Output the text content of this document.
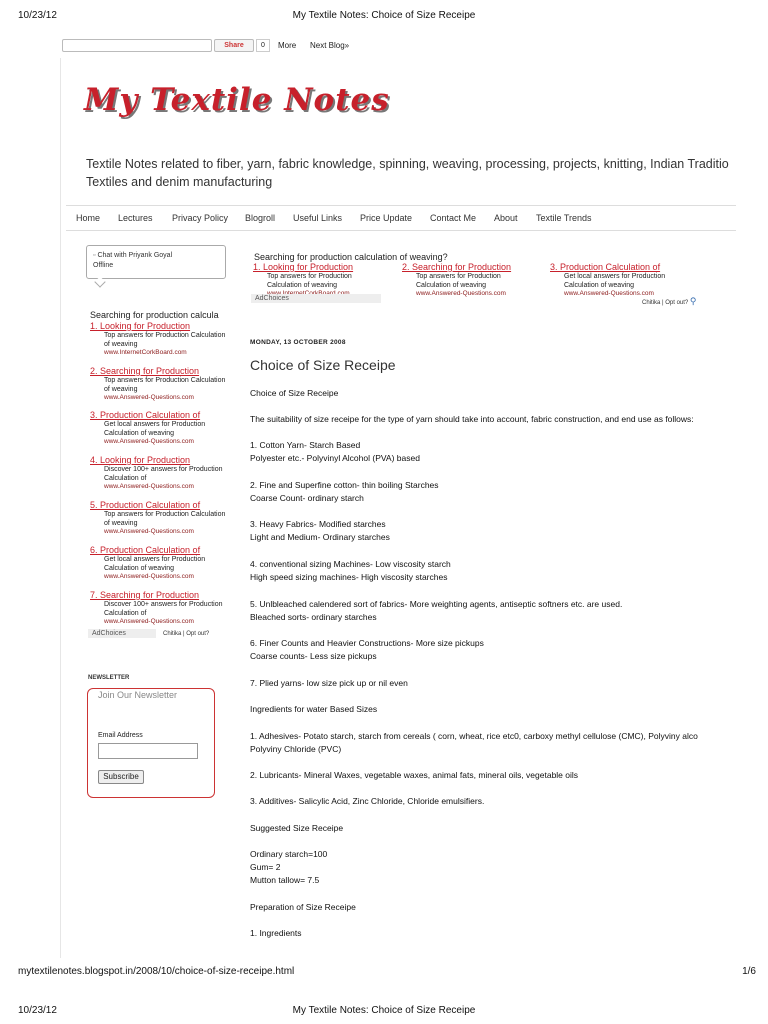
10/23/12	My Textile Notes: Choice of Size Receipe
Share	0	More Next Blog»
My Textile Notes
Textile Notes related to fiber, yarn, fabric knowledge, spinning, weaving, processing, projects, knitting, Indian Traditio
Textiles and denim manufacturing
Home Lectures Privacy Policy Blogroll Useful Links Price Update Contact Me About Textile Trends
▫ Chat with Priyank Goyal
Offline
Searching for production calcula
1. Looking for Production
Top answers for Production Calculation of weaving
www.InternetCorkBoard.com
2. Searching for Production
Top answers for Production Calculation of weaving
www.Answered-Questions.com
3. Production Calculation of
Get local answers for Production Calculation of weaving
www.Answered-Questions.com
4. Looking for Production
Discover 100+ answers for Production Calculation of
www.Answered-Questions.com
5. Production Calculation of
Top answers for Production Calculation of weaving
www.Answered-Questions.com
6. Production Calculation of
Get local answers for Production Calculation of weaving
www.Answered-Questions.com
7. Searching for Production
Discover 100+ answers for Production Calculation of
www.Answered-Questions.com
AdChoices	Chitika | Opt out?
NEWSLETTER
Join Our Newsletter
Email Address
Subscribe
Searching for production calculation of weaving?
1. Looking for Production
Top answers for Production Calculation of weaving
2. Searching for Production
Top answers for Production Calculation of weaving
www.Answered-Questions.com
3. Production Calculation of
Get local answers for Production Calculation of weaving
www.Answered-Questions.com
AdChoices
Chitika | Opt out? ⚲
MONDAY, 13 OCTOBER 2008
Choice of Size Receipe
Choice of Size Receipe
The suitability of size receipe for the type of yarn should take into account, fabric construction, and end use as follows:
1. Cotton Yarn- Starch Based
Polyester etc.- Polyvinyl Alcohol (PVA) based
2. Fine and Superfine cotton- thin boiling Starches
Coarse Count- ordinary starch
3. Heavy Fabrics- Modified starches
Light and Medium- Ordinary starches
4. conventional sizing Machines- Low viscosity starch
High speed sizing machines- High viscosity starches
5. Unlbleached calendered sort of fabrics- More weighting agents, antiseptic softners etc. are used.
Bleached sorts- ordinary starches
6. Finer Counts and Heavier Constructions- More size pickups
Coarse counts- Less size pickups
7. Plied yarns- low size pick up or nil even
Ingredients for water Based Sizes
1. Adhesives- Potato starch, starch from cereals ( corn, wheat, rice etc0, carboxy methyl cellulose (CMC), Polyviny alco
Polyviny Chloride (PVC)
2. Lubricants- Mineral Waxes, vegetable waxes, animal fats, mineral oils, vegetable oils
3. Additives- Salicylic Acid, Zinc Chloride, Chloride emulsifiers.
Suggested Size Receipe
Ordinary starch=100
Gum= 2
Mutton tallow= 7.5
Preparation of Size Receipe
1. Ingredients
mytextilenotes.blogspot.in/2008/10/choice-of-size-receipe.html	1/6
10/23/12	My Textile Notes: Choice of Size Receipe
